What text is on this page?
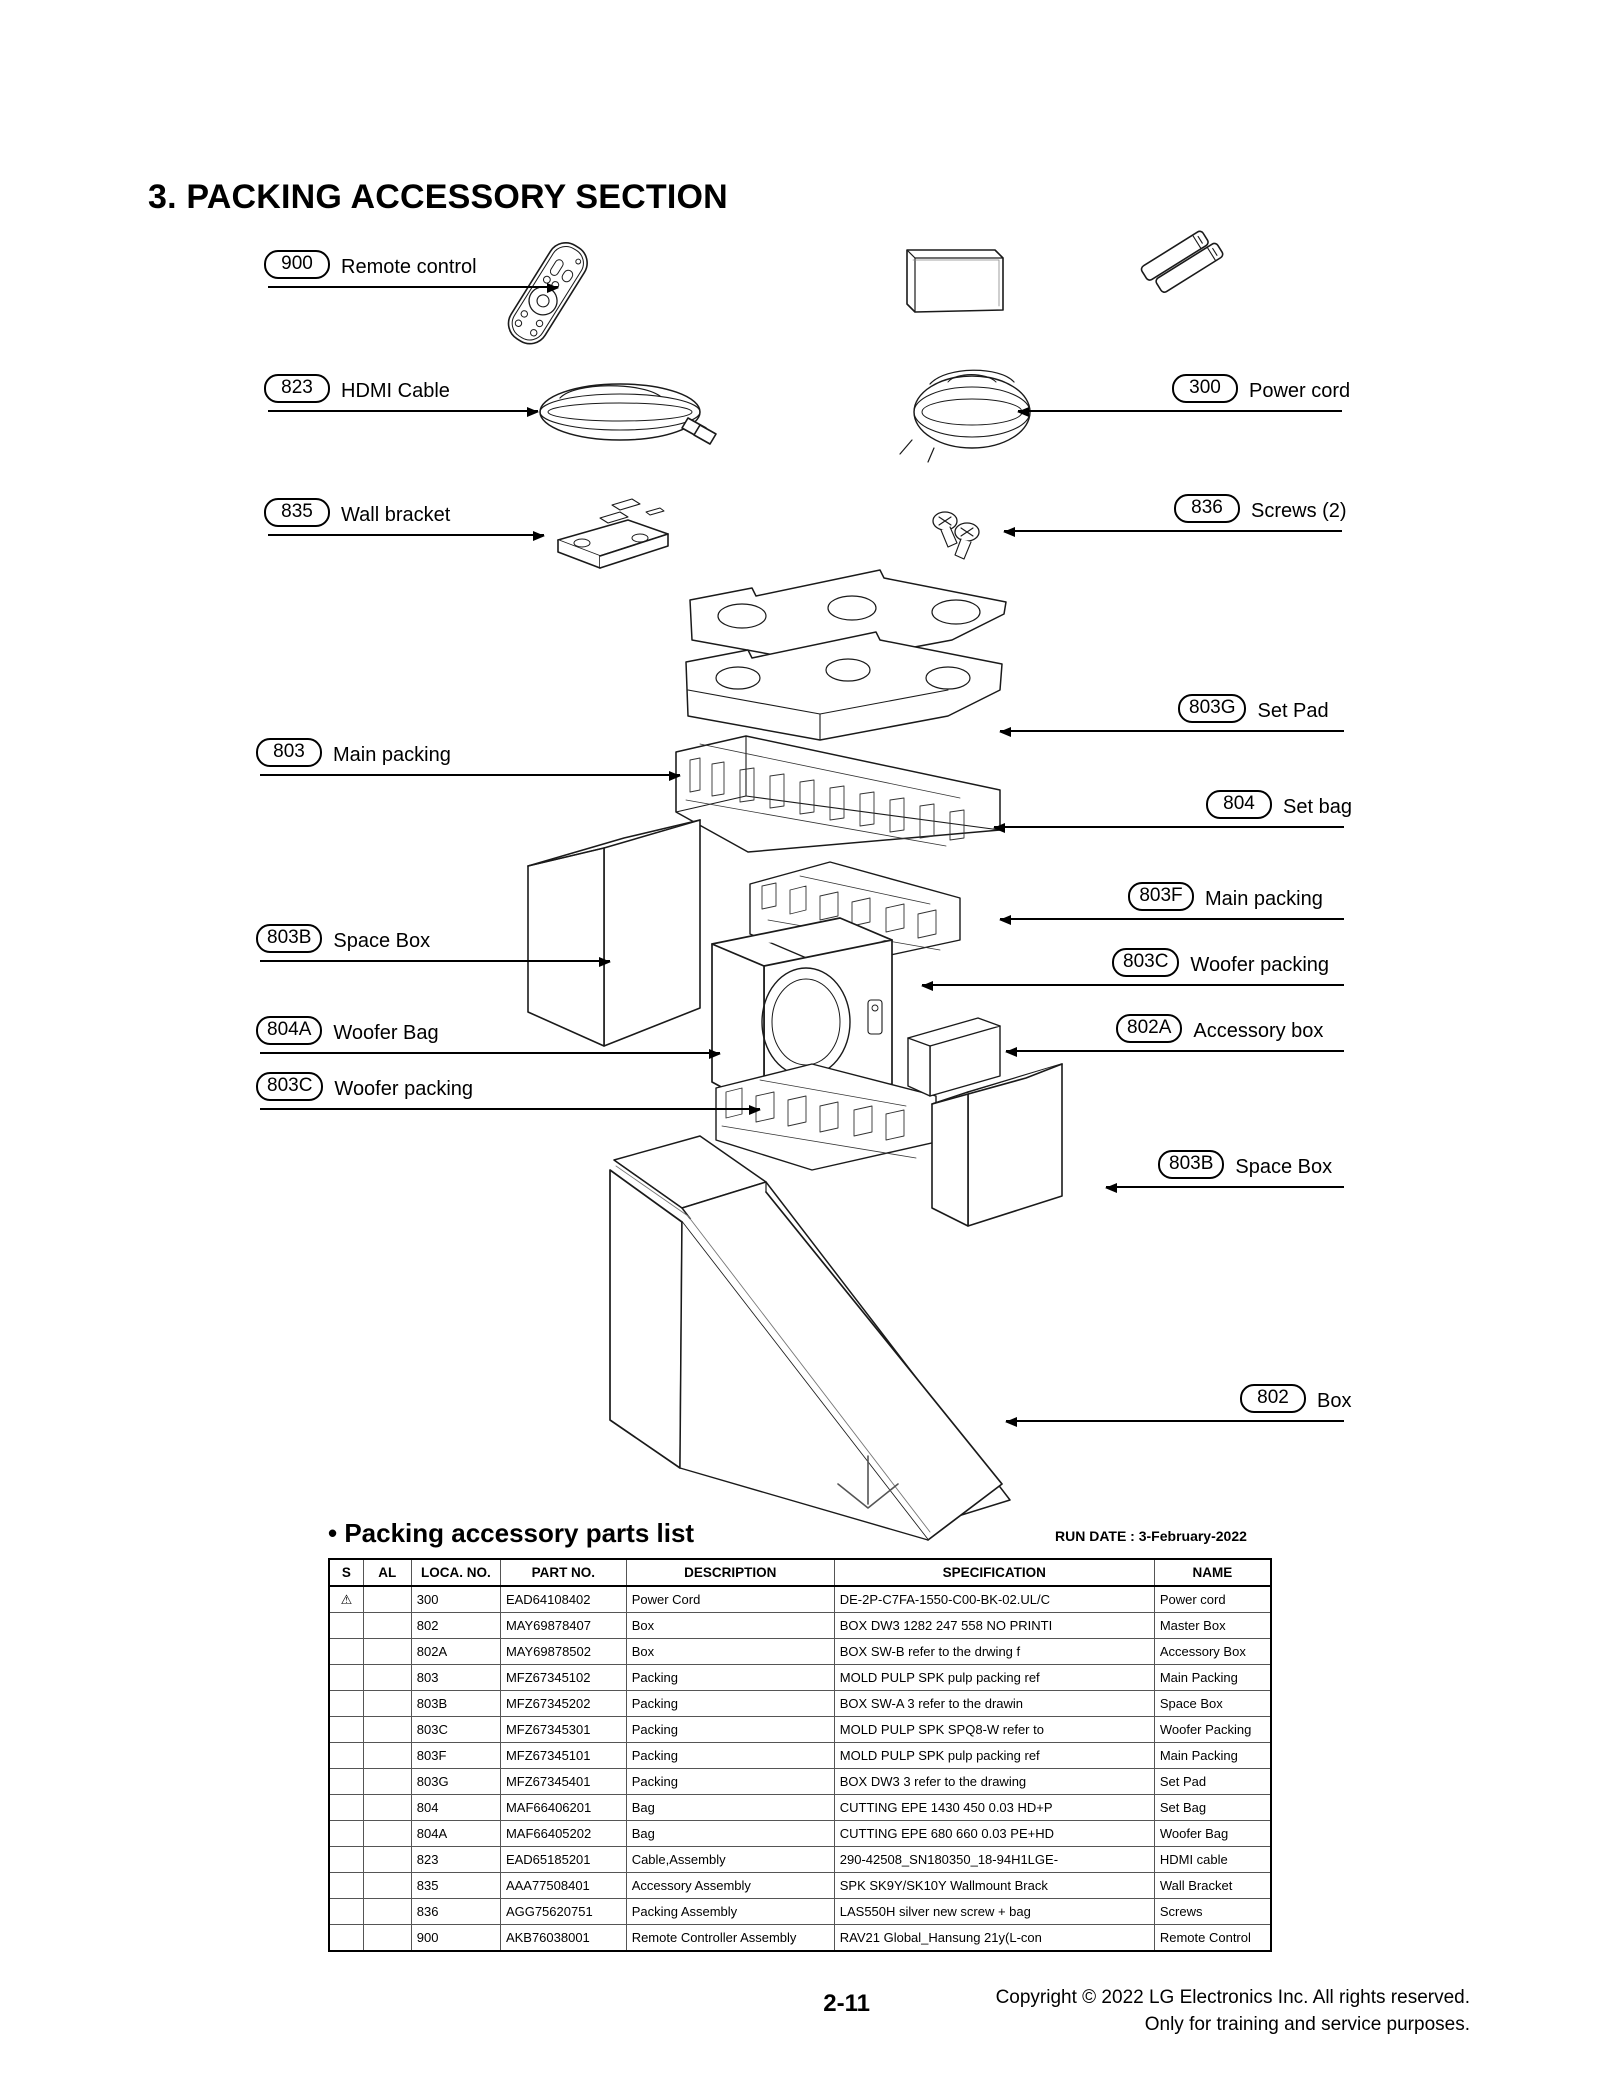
3. PACKING ACCESSORY SECTION
900	Remote control
823	HDMI Cable	300	Power cord
835	Wall bracket	836	Screws (2)
803G	Set Pad
803	Main packing
804	Set bag
803F	Main packing
803B	Space Box
803C	Woofer packing
804A	Woofer Bag	802A	Accessory box
803C	Woofer packing
803B	Space Box
802	Box
• Packing accessory parts list	RUN DATE : 3-February-2022
S	AL	LOCA. NO.	PART NO.	DESCRIPTION	SPECIFICATION	NAME
⚠		300	EAD64108402	Power Cord	DE-2P-C7FA-1550-C00-BK-02.UL/C	Power cord
		802	MAY69878407	Box	BOX DW3 1282 247 558 NO PRINTI	Master Box
		802A	MAY69878502	Box	BOX SW-B refer to the drwing f	Accessory Box
		803	MFZ67345102	Packing	MOLD PULP SPK pulp packing ref	Main Packing
		803B	MFZ67345202	Packing	BOX SW-A 3 refer to the drawin	Space Box
		803C	MFZ67345301	Packing	MOLD PULP SPK SPQ8-W refer to	Woofer Packing
		803F	MFZ67345101	Packing	MOLD PULP SPK pulp packing ref	Main Packing
		803G	MFZ67345401	Packing	BOX DW3 3 refer to the drawing	Set Pad
		804	MAF66406201	Bag	CUTTING EPE 1430 450 0.03 HD+P	Set Bag
		804A	MAF66405202	Bag	CUTTING EPE 680 660 0.03 PE+HD	Woofer Bag
		823	EAD65185201	Cable,Assembly	290-42508_SN180350_18-94H1LGE-	HDMI cable
		835	AAA77508401	Accessory Assembly	SPK SK9Y/SK10Y Wallmount Brack	Wall Bracket
		836	AGG75620751	Packing Assembly	LAS550H silver new screw + bag	Screws
		900	AKB76038001	Remote Controller Assembly	RAV21 Global_Hansung 21y(L-con	Remote Control
2-11	Copyright © 2022 LG Electronics Inc. All rights reserved.
Only for training and service purposes.
